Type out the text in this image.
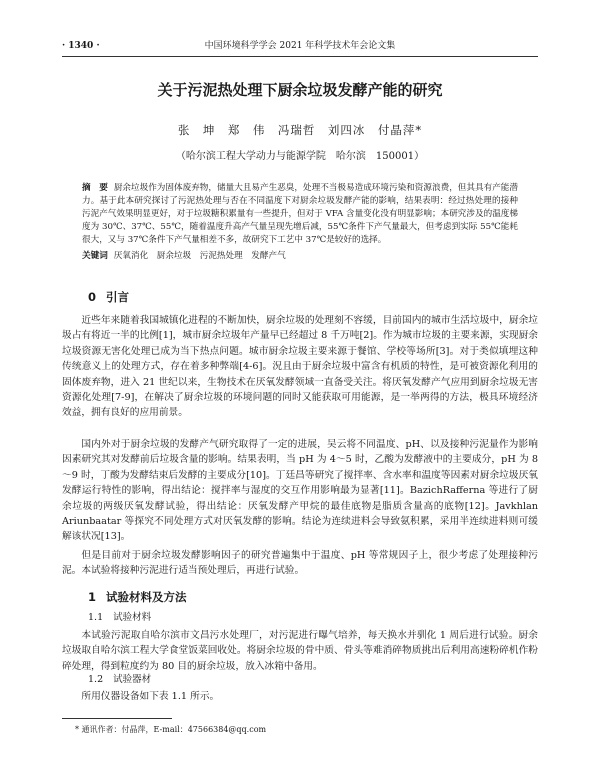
· 1340 ·	中国环境科学学会 2021 年科学技术年会论文集
关于污泥热处理下厨余垃圾发酵产能的研究
张　坤　郑　伟　冯瑞哲　刘四冰　付晶萍*
（哈尔滨工程大学动力与能源学院　哈尔滨　150001）
摘　要 厨余垃圾作为固体废弃物，储量大且易产生恶臭，处理不当极易造成环境污染和资源浪费，但其具有产能潜力。基于此本研究探讨了污泥热处理与否在不同温度下对厨余垃圾发酵产能的影响，结果表明：经过热处理的接种污泥产气效果明显更好，对于垃圾糖积累量有一些提升，但对于 VFA 含量变化没有明显影响；本研究涉及的温度梯度为 30℃、37℃、55℃，随着温度升高产气量呈现先增后减，55℃条件下产气量最大，但考虑到实际 55℃能耗很大，又与 37℃条件下产气量相差不多，故研究下工艺中 37℃是较好的选择。
关键词 厌氧消化　厨余垃圾　污泥热处理　发酵产气
0 引言
近些年来随着我国城镇化进程的不断加快，厨余垃圾的处理刻不容缓，目前国内的城市生活垃圾中，厨余垃圾占有将近一半的比例[1]，城市厨余垃圾年产量早已经超过 8 千万吨[2]。作为城市垃圾的主要来源，实现厨余垃圾资源无害化处理已成为当下热点问题。城市厨余垃圾主要来源于餐馆、学校等场所[3]。对于类似填埋这种传统意义上的处理方式，存在着多种弊端[4-6]。況且由于厨余垃圾中富含有机质的特性，是可被资源化利用的固体废弃物，进入 21 世纪以来，生物技术在厌氧发酵领域一直备受关注。将厌氧发酵产气应用到厨余垃圾无害资源化处理[7-9]，在解决了厨余垃圾的环境问题的同时又能获取可用能源，是一举两得的方法，极具环境经济效益，拥有良好的应用前景。
国内外对于厨余垃圾的发酵产气研究取得了一定的进展，吴云将不同温度、pH、以及接种污泥量作为影响因素研究其对发酵前后垃圾含量的影响。结果表明，当 pH 为 4～5 时，乙酸为发酵液中的主要成分，pH 为 8～9 时，丁酸为发酵结束后发酵的主要成分[10]。丁廷昌等研究了搅拌率、含水率和温度等因素对厨余垃圾厌氧发酵运行特性的影响，得出结论：搅拌率与湿度的交互作用影响最为显著[11]。BazichRafferna 等进行了厨余垃圾的两级厌氧发酵试验，得出结论：厌氧发酵产甲烷的最佳底物是脂质含量高的底物[12]。Javkhlan Ariunbaatar 等探究不同处理方式对厌氧发酵的影响。结论为连续进料会导致氨积累，采用半连续进料则可缓解该状况[13]。
但是目前对于厨余垃圾发酵影响因子的研究普遍集中于温度、pH 等常规因子上，很少考虑了处理接种污泥。本试验将接种污泥进行适当预处理后，再进行试验。
1 试验材料及方法
1.1 试验材料
本试验污泥取自哈尔滨市文昌污水处理厂，对污泥进行曝气培养，每天换水并驯化 1 周后进行试验。厨余垃圾取自哈尔滨工程大学食堂饭菜回收处。将厨余垃圾的骨中质、骨头等难消碎物质挑出后利用高速粉碎机作粉碎处理，得到粒度约为 80 目的厨余垃圾，放入冰箱中备用。
1.2 试验器材
所用仪器设备如下表 1.1 所示。
* 通讯作者：付晶萍，E-mail：47566384@qq.com
